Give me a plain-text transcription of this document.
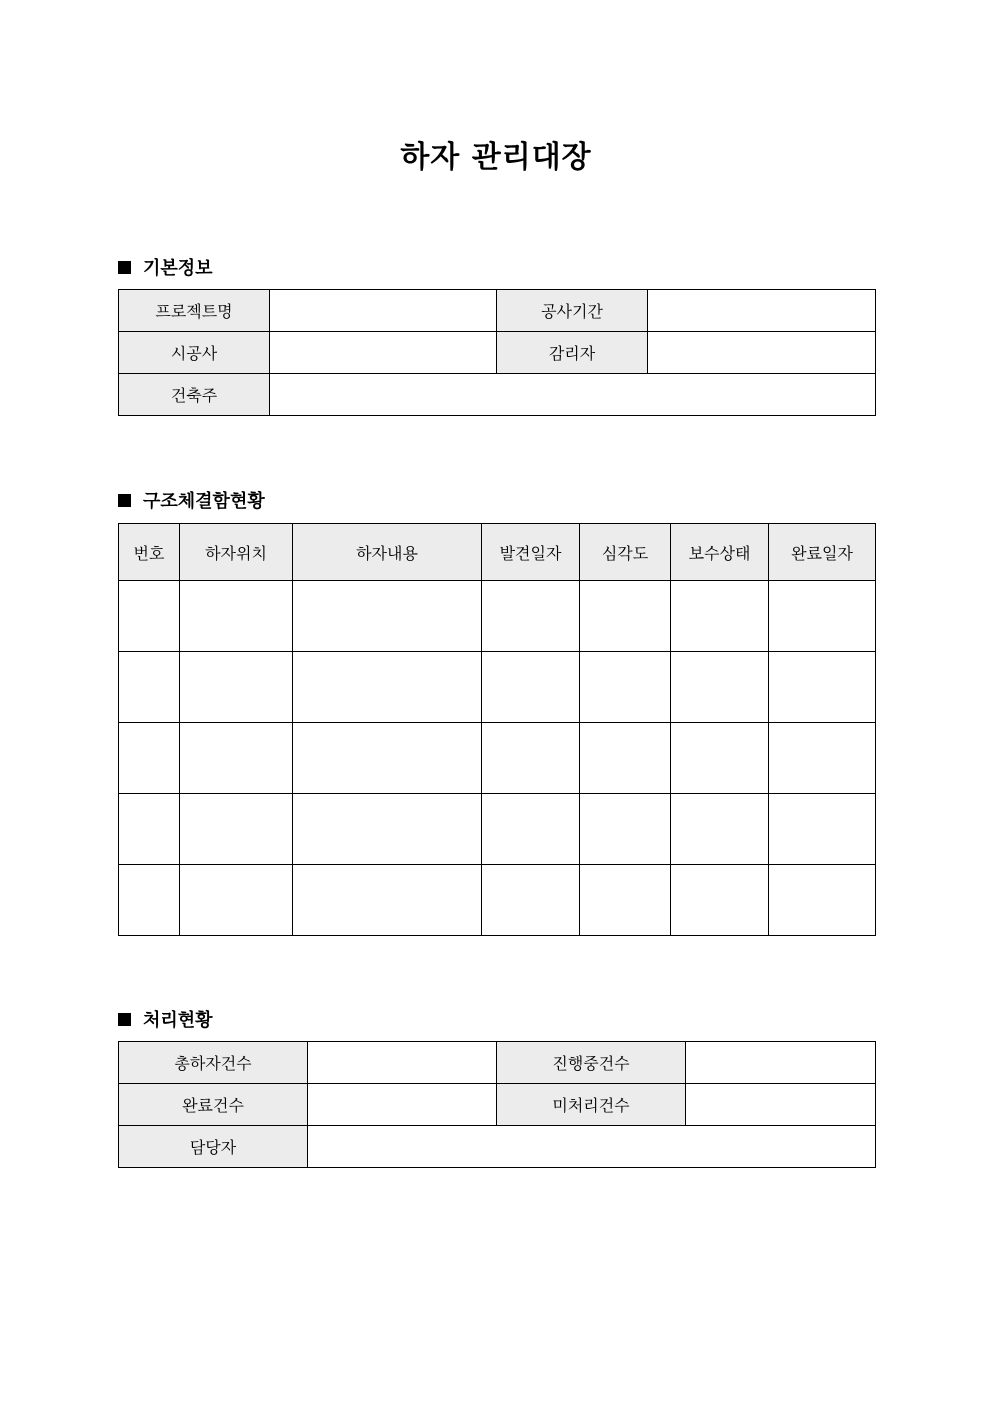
하자 관리대장
기본정보
프로젝트명		공사기간	
시공사		감리자	
건축주			
구조체결함현황
번호	하자위치	하자내용	발견일자	심각도	보수상태	완료일자

처리현황
총하자건수		진행중건수	
완료건수		미처리건수	
담당자			
